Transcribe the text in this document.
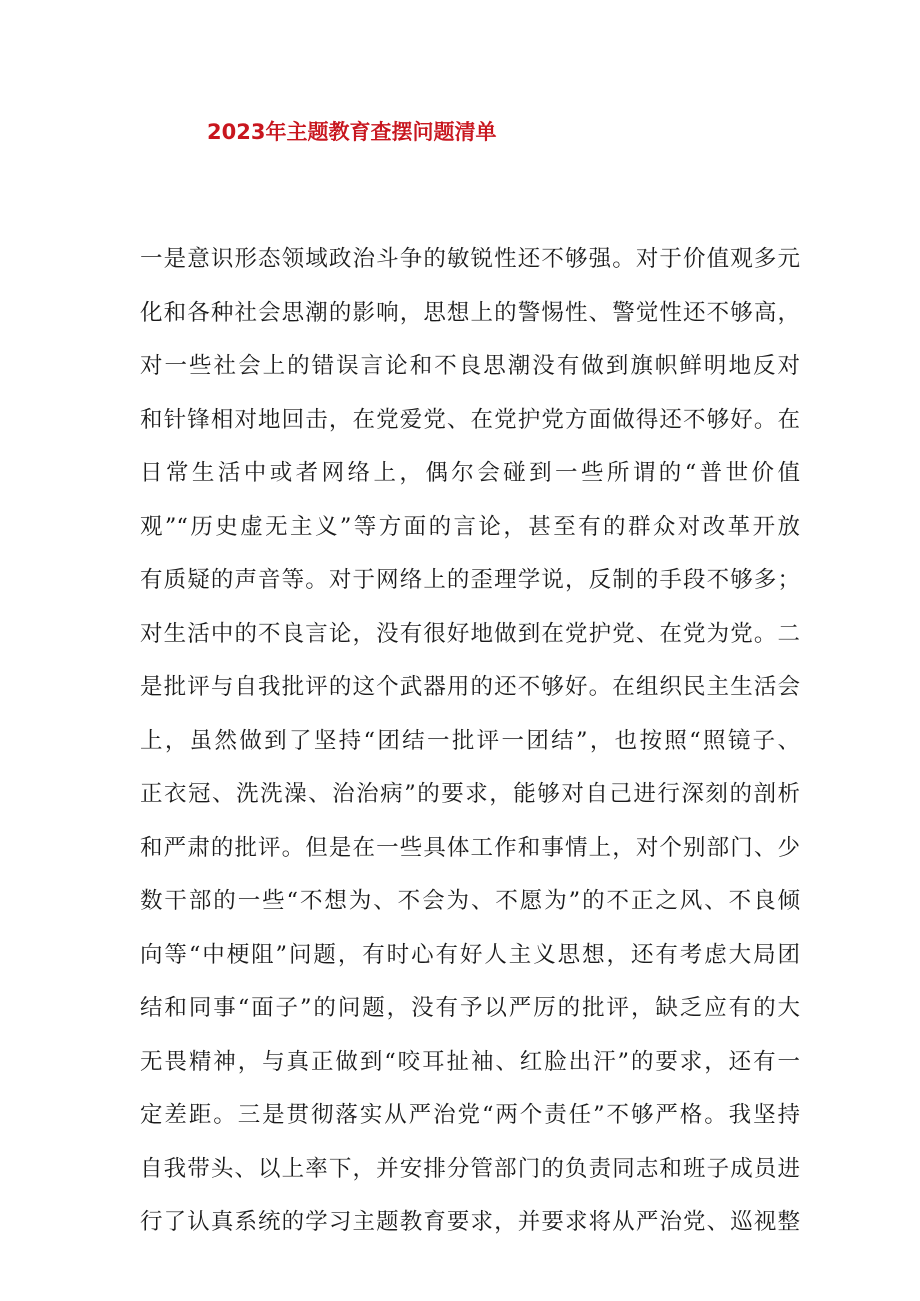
2023年主题教育查摆问题清单
一是意识形态领域政治斗争的敏锐性还不够强。对于价值观多元
化和各种社会思潮的影响，思想上的警惕性、警觉性还不够高，
对一些社会上的错误言论和不良思潮没有做到旗帜鲜明地反对
和针锋相对地回击，在党爱党、在党护党方面做得还不够好。在
日常生活中或者网络上，偶尔会碰到一些所谓的“普世价值
观”“历史虚无主义”等方面的言论，甚至有的群众对改革开放
有质疑的声音等。对于网络上的歪理学说，反制的手段不够多；
对生活中的不良言论，没有很好地做到在党护党、在党为党。二
是批评与自我批评的这个武器用的还不够好。在组织民主生活会
上，虽然做到了坚持“团结一批评一团结”，也按照“照镜子、
正衣冠、洗洗澡、治治病”的要求，能够对自己进行深刻的剖析
和严肃的批评。但是在一些具体工作和事情上，对个别部门、少
数干部的一些“不想为、不会为、不愿为”的不正之风、不良倾
向等“中梗阻”问题，有时心有好人主义思想，还有考虑大局团
结和同事“面子”的问题，没有予以严厉的批评，缺乏应有的大
无畏精神，与真正做到“咬耳扯袖、红脸出汗”的要求，还有一
定差距。三是贯彻落实从严治党“两个责任”不够严格。我坚持
自我带头、以上率下，并安排分管部门的负责同志和班子成员进
行了认真系统的学习主题教育要求，并要求将从严治党、巡视整
